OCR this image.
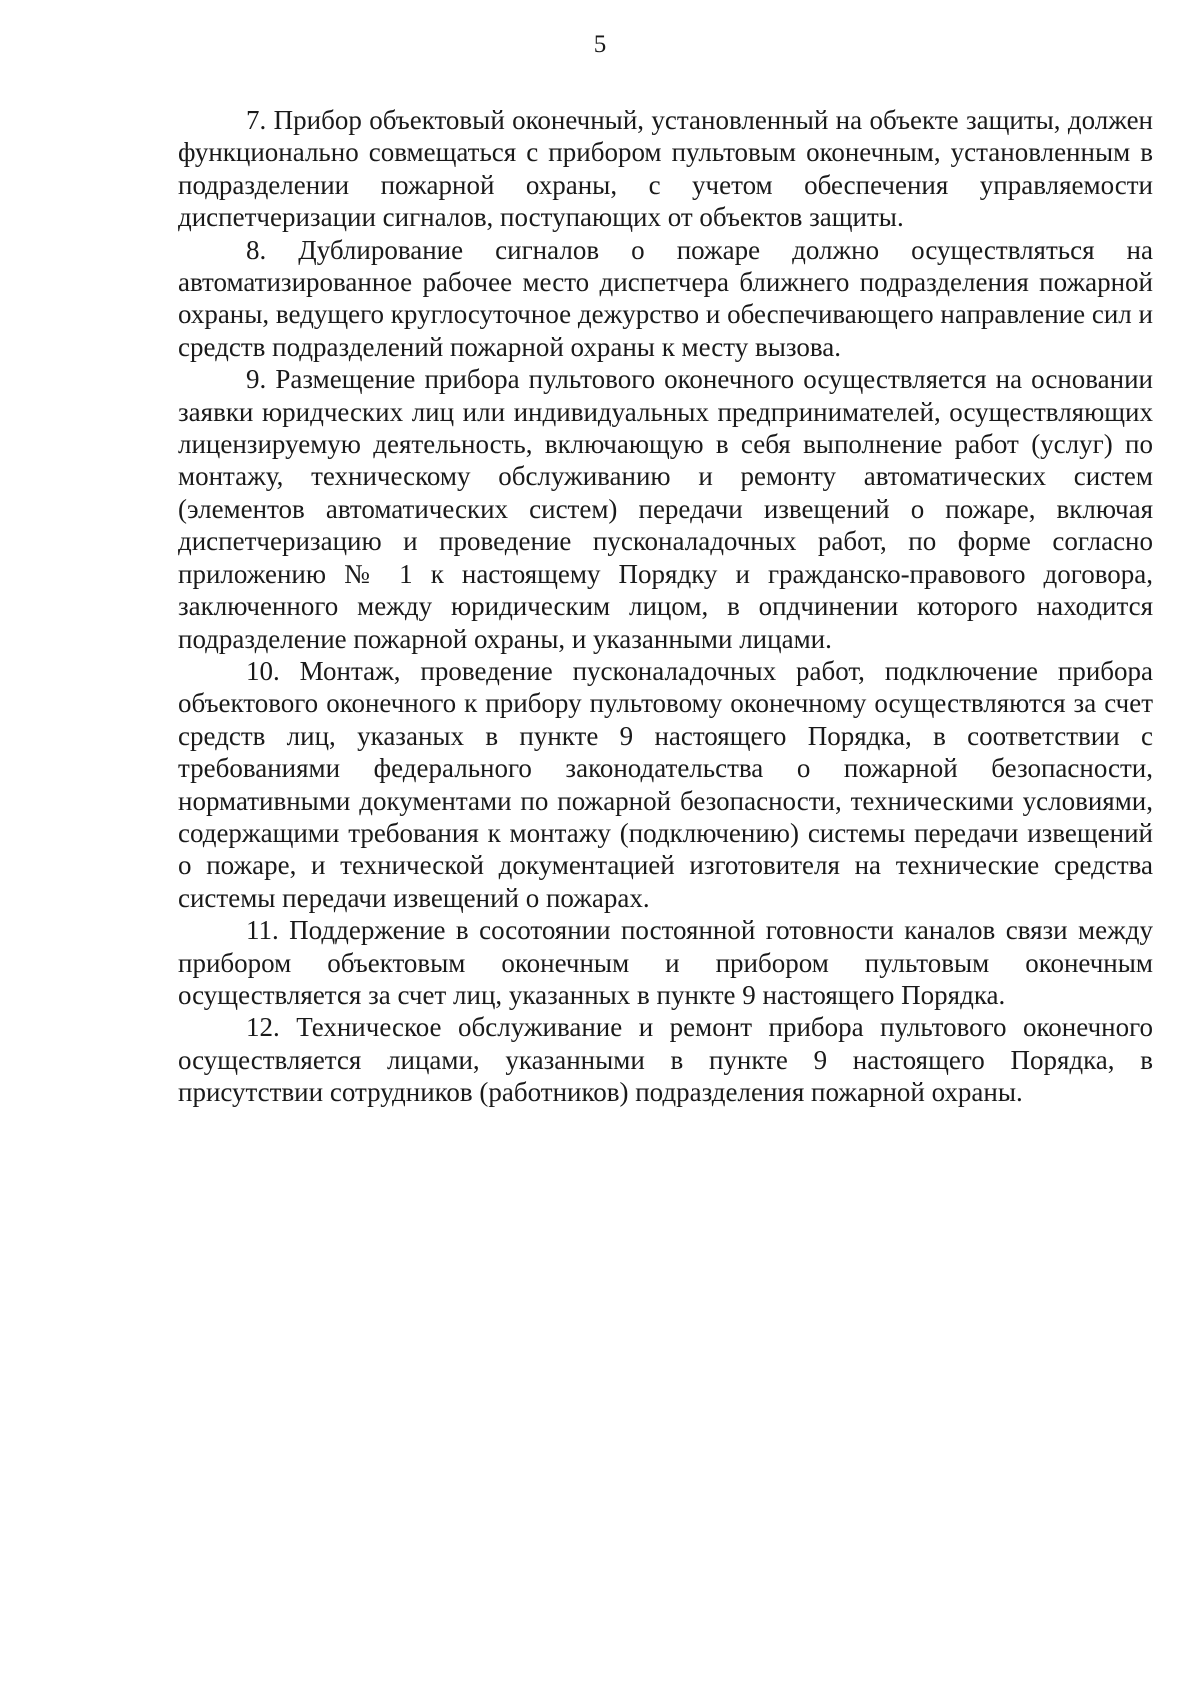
5

7. Прибор объектовый оконечный, установленный на объекте защиты, должен функционально совмещаться с прибором пультовым оконечным, установленным в подразделении пожарной охраны, с учетом обеспечения управляемости диспетчеризации сигналов, поступающих от объектов защиты.

8. Дублирование сигналов о пожаре должно осуществляться на автоматизированное рабочее место диспетчера ближнего подразделения пожарной охраны, ведущего круглосуточное дежурство и обеспечивающего направление сил и средств подразделений пожарной охраны к месту вызова.

9. Размещение прибора пультового оконечного осуществляется на основании заявки юридческих лиц или индивидуальных предпринимателей, осуществляющих лицензируемую деятельность, включающую в себя выполнение работ (услуг) по монтажу, техническому обслуживанию и ремонту автоматических систем (элементов автоматических систем) передачи извещений о пожаре, включая диспетчеризацию и проведение пусконаладочных работ, по форме согласно приложению № 1 к настоящему Порядку и гражданско-правового договора, заключенного между юридическим лицом, в опдчинении которого находится подразделение пожарной охраны, и указанными лицами.

10. Монтаж, проведение пусконаладочных работ, подключение прибора объектового оконечного к прибору пультовому оконечному осуществляются за счет средств лиц, указаных в пункте 9 настоящего Порядка, в соответствии с требованиями федерального законодательства о пожарной безопасности, нормативными документами по пожарной безопасности, техническими условиями, содержащими требования к монтажу (подключению) системы передачи извещений о пожаре, и технической документацией изготовителя на технические средства системы передачи извещений о пожарах.

11. Поддержение в сосотоянии постоянной готовности каналов связи между прибором объектовым оконечным и прибором пультовым оконечным осуществляется за счет лиц, указанных в пункте 9 настоящего Порядка.

12. Техническое обслуживание и ремонт прибора пультового оконечного осуществляется лицами, указанными в пункте 9 настоящего Порядка, в присутствии сотрудников (работников) подразделения пожарной охраны.
